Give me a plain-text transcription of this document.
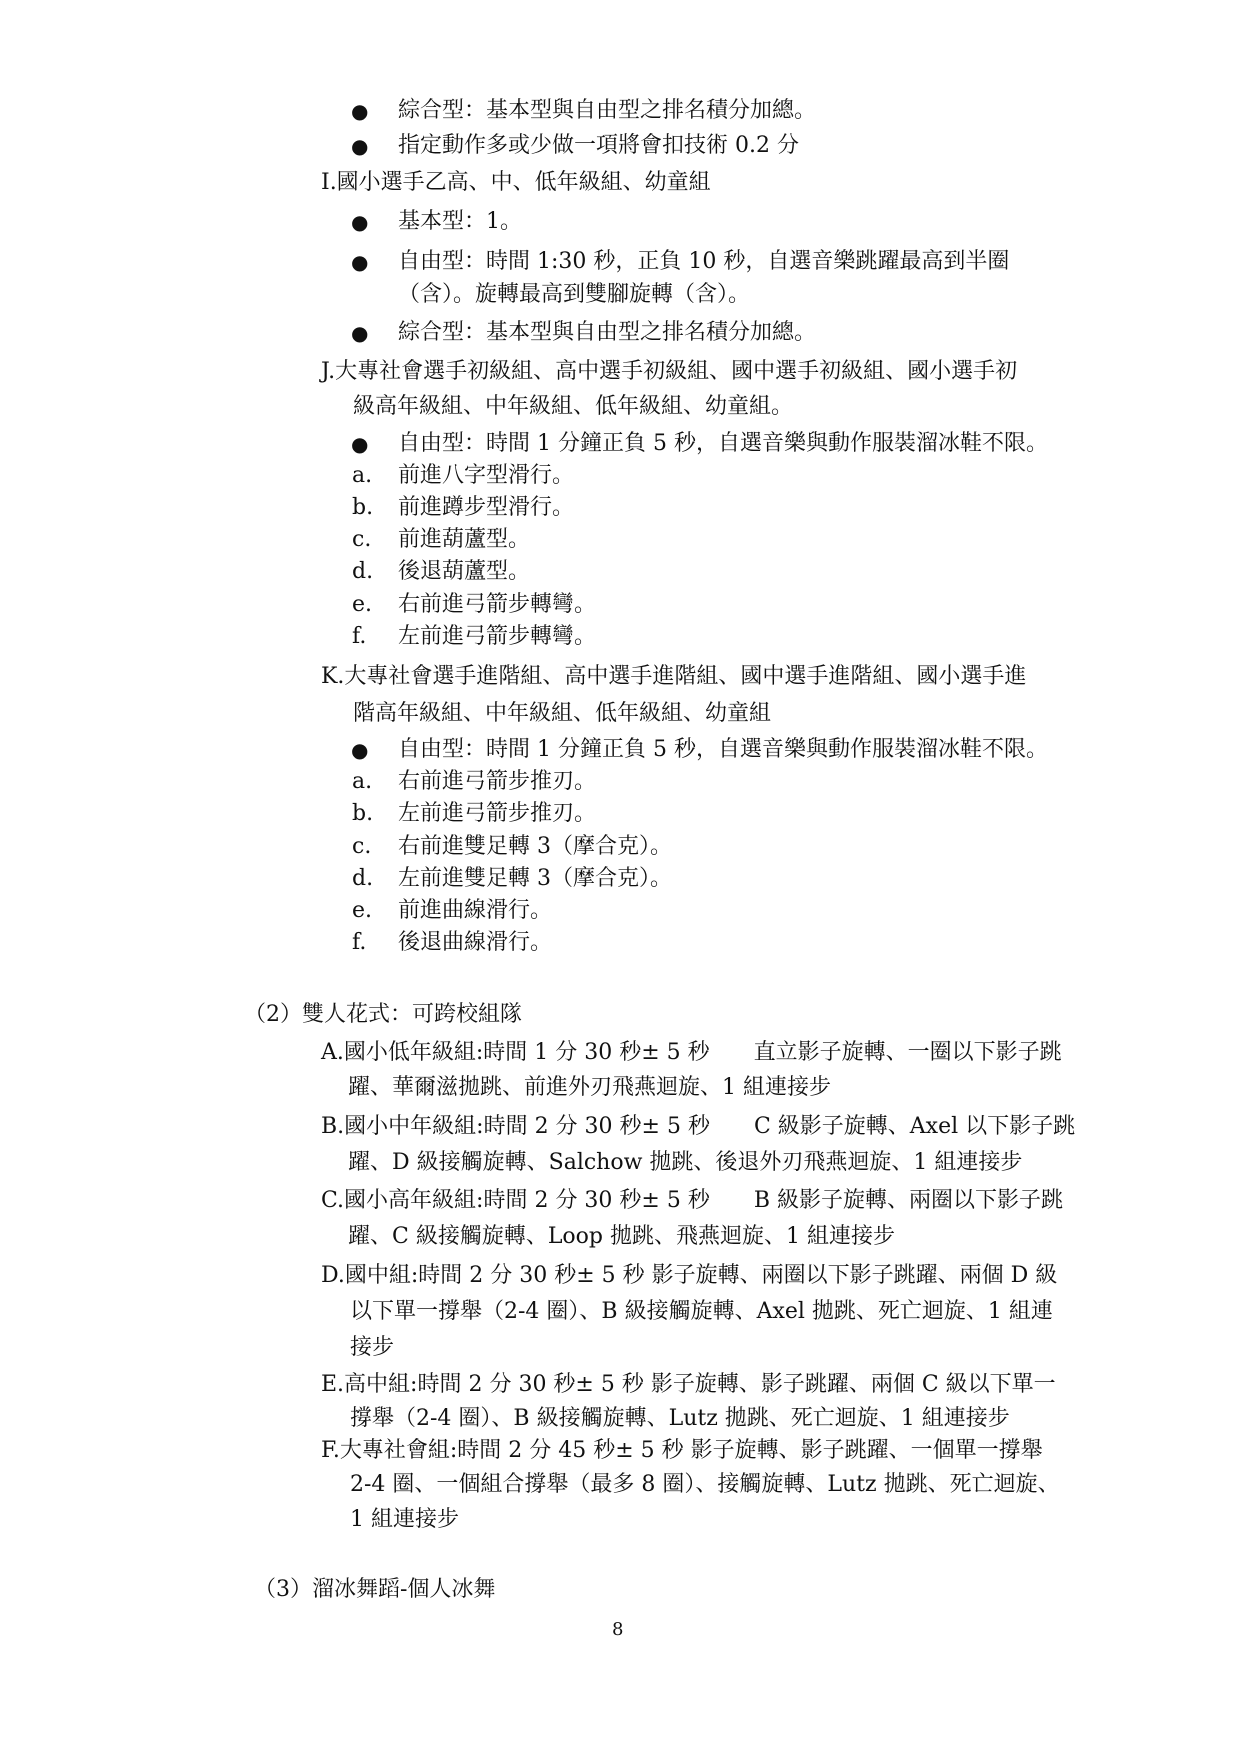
● 綜合型：基本型與自由型之排名積分加總。
● 指定動作多或少做一項將會扣技術 0.2 分
I.國小選手乙高、中、低年級組、幼童組
● 基本型：1。
● 自由型：時間 1:30 秒，正負 10 秒，自選音樂跳躍最高到半圈
（含）。旋轉最高到雙腳旋轉（含）。
● 綜合型：基本型與自由型之排名積分加總。
J.大專社會選手初級組、高中選手初級組、國中選手初級組、國小選手初
級高年級組、中年級組、低年級組、幼童組。
● 自由型：時間 1 分鐘正負 5 秒，自選音樂與動作服裝溜冰鞋不限。
a. 前進八字型滑行。
b. 前進蹲步型滑行。
c. 前進葫蘆型。
d. 後退葫蘆型。
e. 右前進弓箭步轉彎。
f. 左前進弓箭步轉彎。
K.大專社會選手進階組、高中選手進階組、國中選手進階組、國小選手進
階高年級組、中年級組、低年級組、幼童組
● 自由型：時間 1 分鐘正負 5 秒，自選音樂與動作服裝溜冰鞋不限。
a. 右前進弓箭步推刃。
b. 左前進弓箭步推刃。
c. 右前進雙足轉 3（摩合克）。
d. 左前進雙足轉 3（摩合克）。
e. 前進曲線滑行。
f. 後退曲線滑行。
（2）雙人花式：可跨校組隊
A.國小低年級組:時間 1 分 30 秒± 5 秒　　直立影子旋轉、一圈以下影子跳
躍、華爾滋拋跳、前進外刃飛燕迴旋、1 組連接步
B.國小中年級組:時間 2 分 30 秒± 5 秒　　C 級影子旋轉、Axel 以下影子跳
躍、D 級接觸旋轉、Salchow 拋跳、後退外刃飛燕迴旋、1 組連接步
C.國小高年級組:時間 2 分 30 秒± 5 秒　　B 級影子旋轉、兩圈以下影子跳
躍、C 級接觸旋轉、Loop 拋跳、飛燕迴旋、1 組連接步
D.國中組:時間 2 分 30 秒± 5 秒 影子旋轉、兩圈以下影子跳躍、兩個 D 級
以下單一撐舉（2-4 圈）、B 級接觸旋轉、Axel 拋跳、死亡迴旋、1 組連
接步
E.高中組:時間 2 分 30 秒± 5 秒 影子旋轉、影子跳躍、兩個 C 級以下單一
撐舉（2-4 圈）、B 級接觸旋轉、Lutz 拋跳、死亡迴旋、1 組連接步
F.大專社會組:時間 2 分 45 秒± 5 秒 影子旋轉、影子跳躍、一個單一撐舉
2-4 圈、一個組合撐舉（最多 8 圈）、接觸旋轉、Lutz 拋跳、死亡迴旋、
1 組連接步
（3）溜冰舞蹈-個人冰舞
8
